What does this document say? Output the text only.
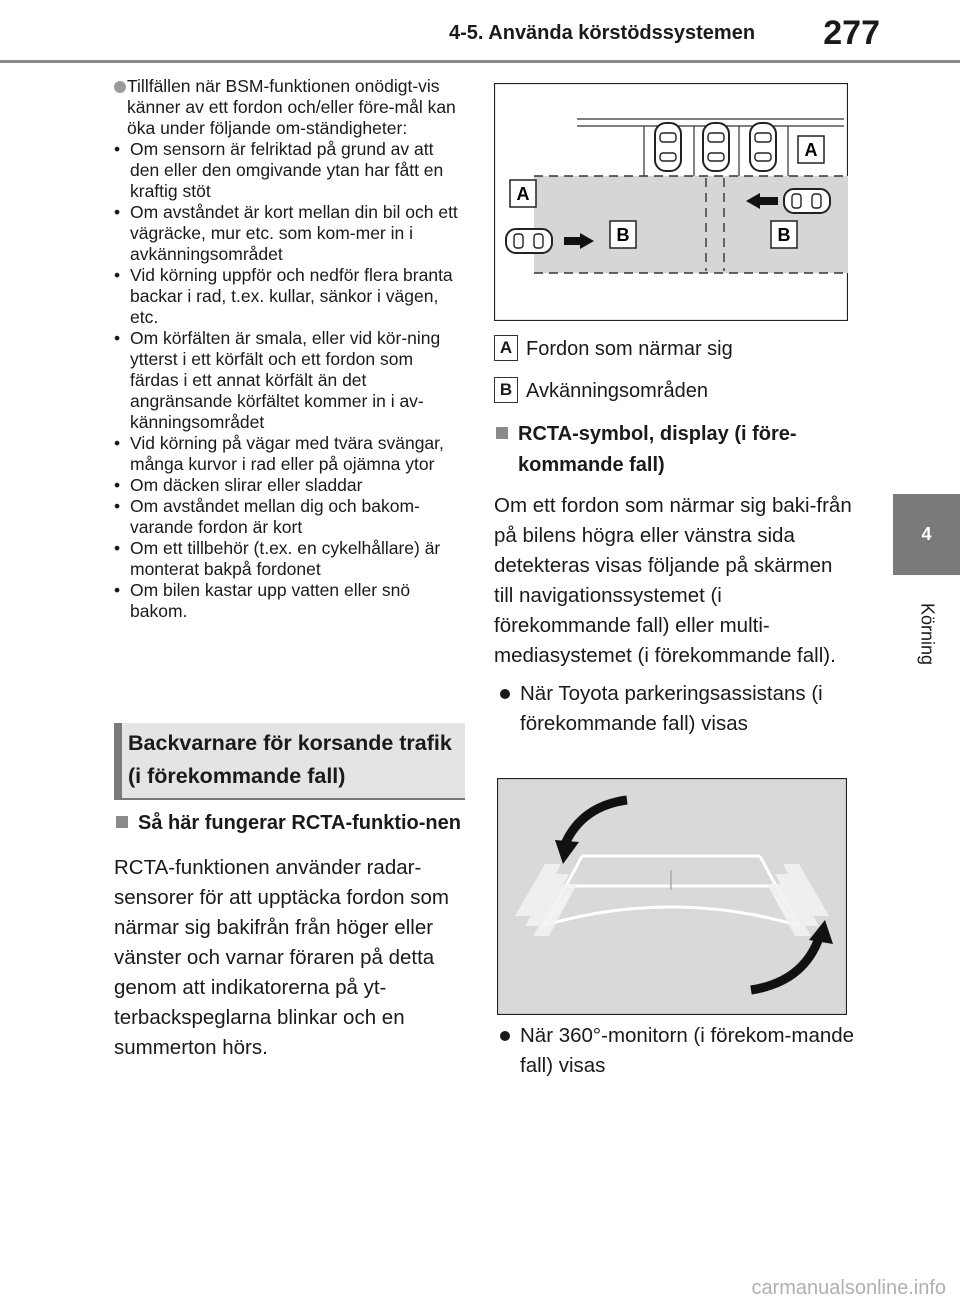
4-5. Använda körstödssystemen 277
4
Körning
Tillfällen när BSM-funktionen onödigt-vis känner av ett fordon och/eller före-mål kan öka under följande om-ständigheter:
• Om sensorn är felriktad på grund av att den eller den omgivande ytan har fått en kraftig stöt
• Om avståndet är kort mellan din bil och ett vägräcke, mur etc. som kom-mer in i avkänningsområdet
• Vid körning uppför och nedför flera branta backar i rad, t.ex. kullar, sänkor i vägen, etc.
• Om körfälten är smala, eller vid kör-ning ytterst i ett körfält och ett fordon som färdas i ett annat körfält än det angränsande körfältet kommer in i av-känningsområdet
• Vid körning på vägar med tvära svängar, många kurvor i rad eller på ojämna ytor
• Om däcken slirar eller sladdar
• Om avståndet mellan dig och bakom-varande fordon är kort
• Om ett tillbehör (t.ex. en cykelhållare) är monterat bakpå fordonet
• Om bilen kastar upp vatten eller snö bakom.
Backvarnare för korsande trafik (i förekommande fall)
Så här fungerar RCTA-funktio-nen
RCTA-funktionen använder radar-sensorer för att upptäcka fordon som närmar sig bakifrån från höger eller vänster och varnar föraren på detta genom att indikatorerna på yt-terbackspeglarna blinkar och en summerton hörs.
A
A
B	B
A Fordon som närmar sig
B Avkänningsområden
RCTA-symbol, display (i före-kommande fall)
Om ett fordon som närmar sig baki-från på bilens högra eller vänstra sida detekteras visas följande på skärmen till navigationssystemet (i förekommande fall) eller multi-mediasystemet (i förekommande fall).
När Toyota parkeringsassistans (i förekommande fall) visas
När 360°-monitorn (i förekom-mande fall) visas
carmanualsonline.info
